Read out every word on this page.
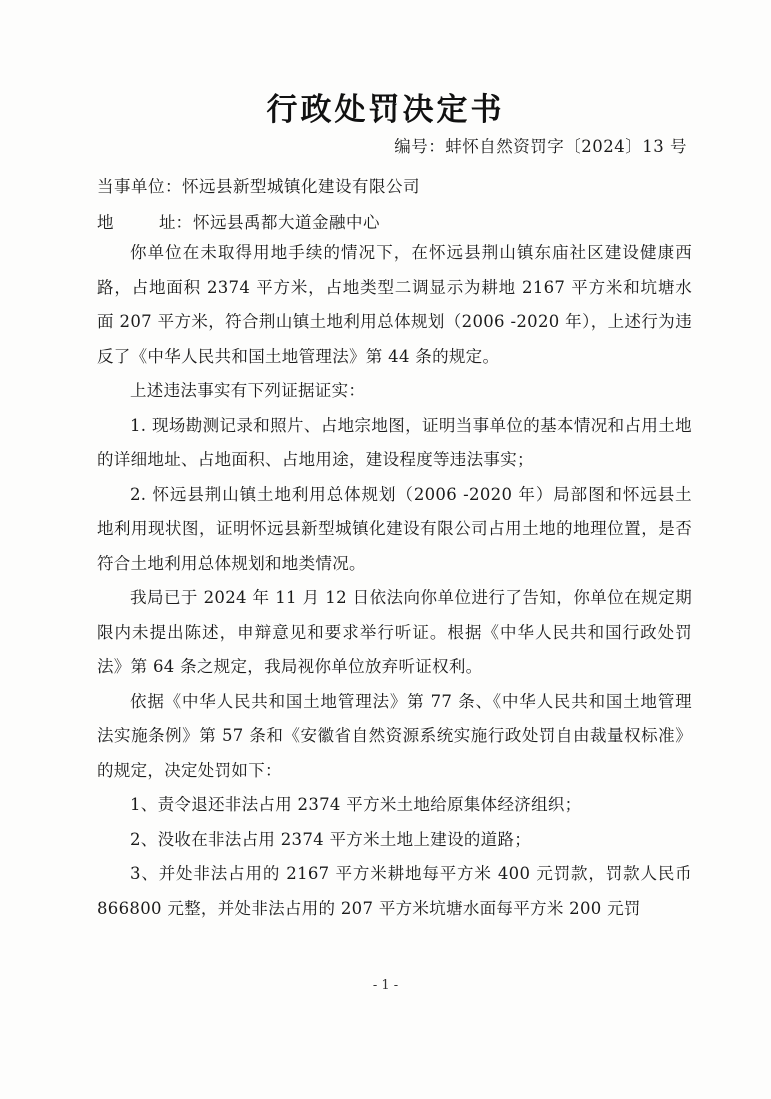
行政处罚决定书
编号：蚌怀自然资罚字〔2024〕13 号
当事单位：怀远县新型城镇化建设有限公司
地	址：怀远县禹都大道金融中心

你单位在未取得用地手续的情况下，在怀远县荆山镇东庙社区建设健康西路，占地面积 2374 平方米，占地类型二调显示为耕地 2167 平方米和坑塘水面 207 平方米，符合荆山镇土地利用总体规划（2006 -2020 年），上述行为违反了《中华人民共和国土地管理法》第 44 条的规定。

上述违法事实有下列证据证实：

1. 现场勘测记录和照片、占地宗地图，证明当事单位的基本情况和占用土地的详细地址、占地面积、占地用途，建设程度等违法事实；

2. 怀远县荆山镇土地利用总体规划（2006 -2020 年）局部图和怀远县土地利用现状图，证明怀远县新型城镇化建设有限公司占用土地的地理位置，是否符合土地利用总体规划和地类情况。

我局已于 2024 年 11 月 12 日依法向你单位进行了告知，你单位在规定期限内未提出陈述，申辩意见和要求举行听证。根据《中华人民共和国行政处罚法》第 64 条之规定，我局视你单位放弃听证权利。

依据《中华人民共和国土地管理法》第 77 条、《中华人民共和国土地管理法实施条例》第 57 条和《安徽省自然资源系统实施行政处罚自由裁量权标准》的规定，决定处罚如下：

1、责令退还非法占用 2374 平方米土地给原集体经济组织；

2、没收在非法占用 2374 平方米土地上建设的道路；

3、并处非法占用的 2167 平方米耕地每平方米 400 元罚款，罚款人民币 866800 元整，并处非法占用的 207 平方米坑塘水面每平方米 200 元罚

- 1 -
